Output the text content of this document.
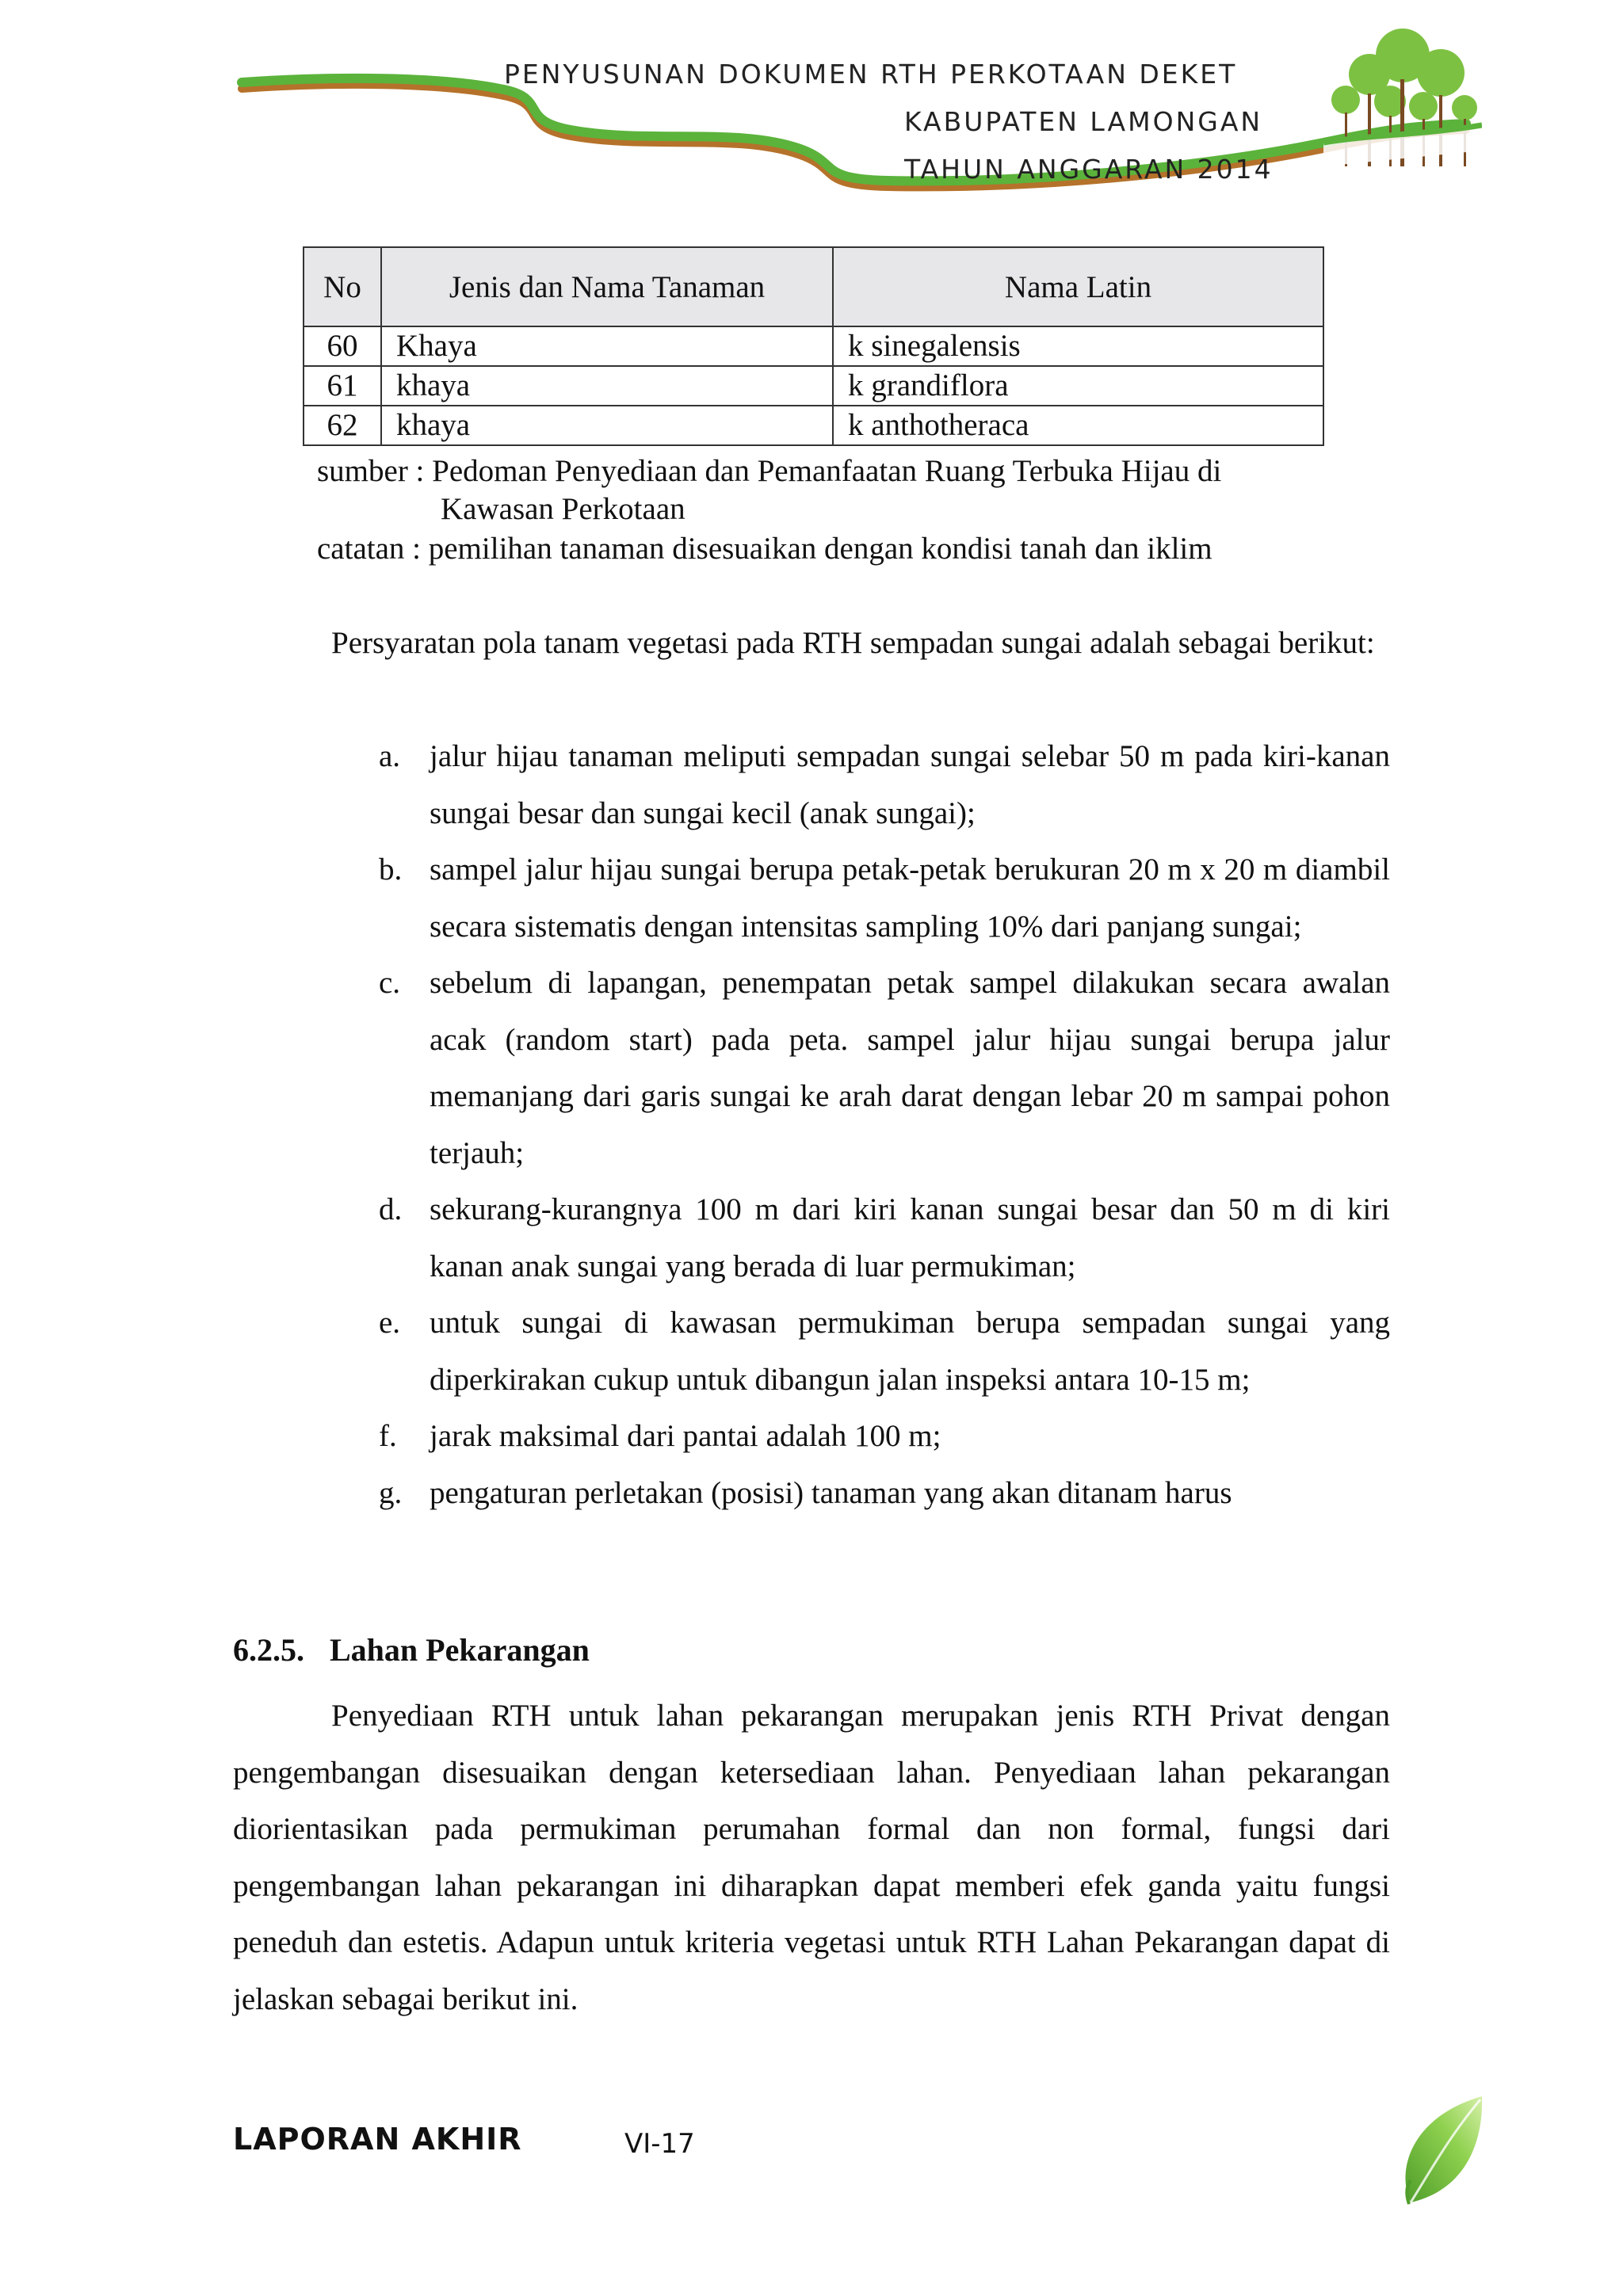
PENYUSUNAN DOKUMEN RTH PERKOTAAN DEKET
KABUPATEN LAMONGAN
TAHUN ANGGARAN 2014
No	Jenis dan Nama Tanaman	Nama Latin
60	Khaya	k sinegalensis
61	khaya	k grandiflora
62	khaya	k anthotheraca
sumber : Pedoman Penyediaan dan Pemanfaatan Ruang Terbuka Hijau di
Kawasan Perkotaan
catatan : pemilihan tanaman disesuaikan dengan kondisi tanah dan iklim

Persyaratan pola tanam vegetasi pada RTH sempadan sungai adalah sebagai berikut:

a. jalur hijau tanaman meliputi sempadan sungai selebar 50 m pada kiri-kanan sungai besar dan sungai kecil (anak sungai);
b. sampel jalur hijau sungai berupa petak-petak berukuran 20 m x 20 m diambil secara sistematis dengan intensitas sampling 10% dari panjang sungai;
c. sebelum di lapangan, penempatan petak sampel dilakukan secara awalan acak (random start) pada peta. sampel jalur hijau sungai berupa jalur memanjang dari garis sungai ke arah darat dengan lebar 20 m sampai pohon terjauh;
d. sekurang-kurangnya 100 m dari kiri kanan sungai besar dan 50 m di kiri kanan anak sungai yang berada di luar permukiman;
e. untuk sungai di kawasan permukiman berupa sempadan sungai yang diperkirakan cukup untuk dibangun jalan inspeksi antara 10-15 m;
f. jarak maksimal dari pantai adalah 100 m;
g. pengaturan perletakan (posisi) tanaman yang akan ditanam harus
6.2.5. Lahan Pekarangan

Penyediaan RTH untuk lahan pekarangan merupakan jenis RTH Privat dengan pengembangan disesuaikan dengan ketersediaan lahan. Penyediaan lahan pekarangan diorientasikan pada permukiman perumahan formal dan non formal, fungsi dari pengembangan lahan pekarangan ini diharapkan dapat memberi efek ganda yaitu fungsi peneduh dan estetis. Adapun untuk kriteria vegetasi untuk RTH Lahan Pekarangan dapat di jelaskan sebagai berikut ini.

LAPORAN AKHIR	VI-17
